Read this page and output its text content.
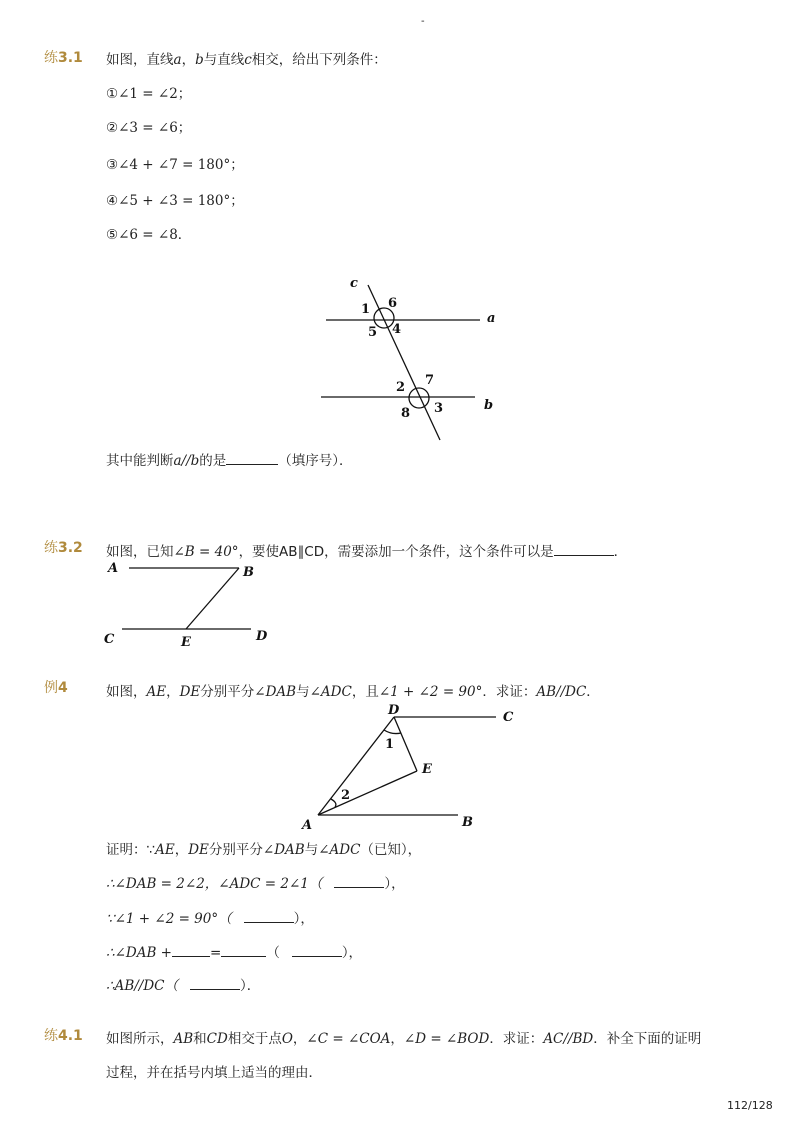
-
练3.1 如图，直线a，b与直线c相交，给出下列条件：
①∠1 = ∠2；
②∠3 = ∠6；
③∠4 + ∠7 = 180°；
④∠5 + ∠3 = 180°；
⑤∠6 = ∠8．
c
a
b
1 6
5 4
2 7
8 3
其中能判断a//b的是	（填序号）．
练3.2 如图，已知∠B = 40°，要使AB∥CD，需要添加一个条件，这个条件可以是	．
A	B
C	E	D
例4	如图，AE，DE分别平分∠DAB与∠ADC，且∠1 + ∠2 = 90°．求证：AB//DC．
D	C
E
A	B
1
2
证明：∵AE，DE分别平分∠DAB与∠ADC（已知），
∴∠DAB = 2∠2，∠ADC = 2∠1（	），
∵∠1 + ∠2 = 90°（	），
∴∠DAB +	=	（	），
∴AB//DC（	）．
练4.1 如图所示，AB和CD相交于点O，∠C = ∠COA，∠D = ∠BOD．求证：AC//BD．补全下面的证明
过程，并在括号内填上适当的理由．
112/128
